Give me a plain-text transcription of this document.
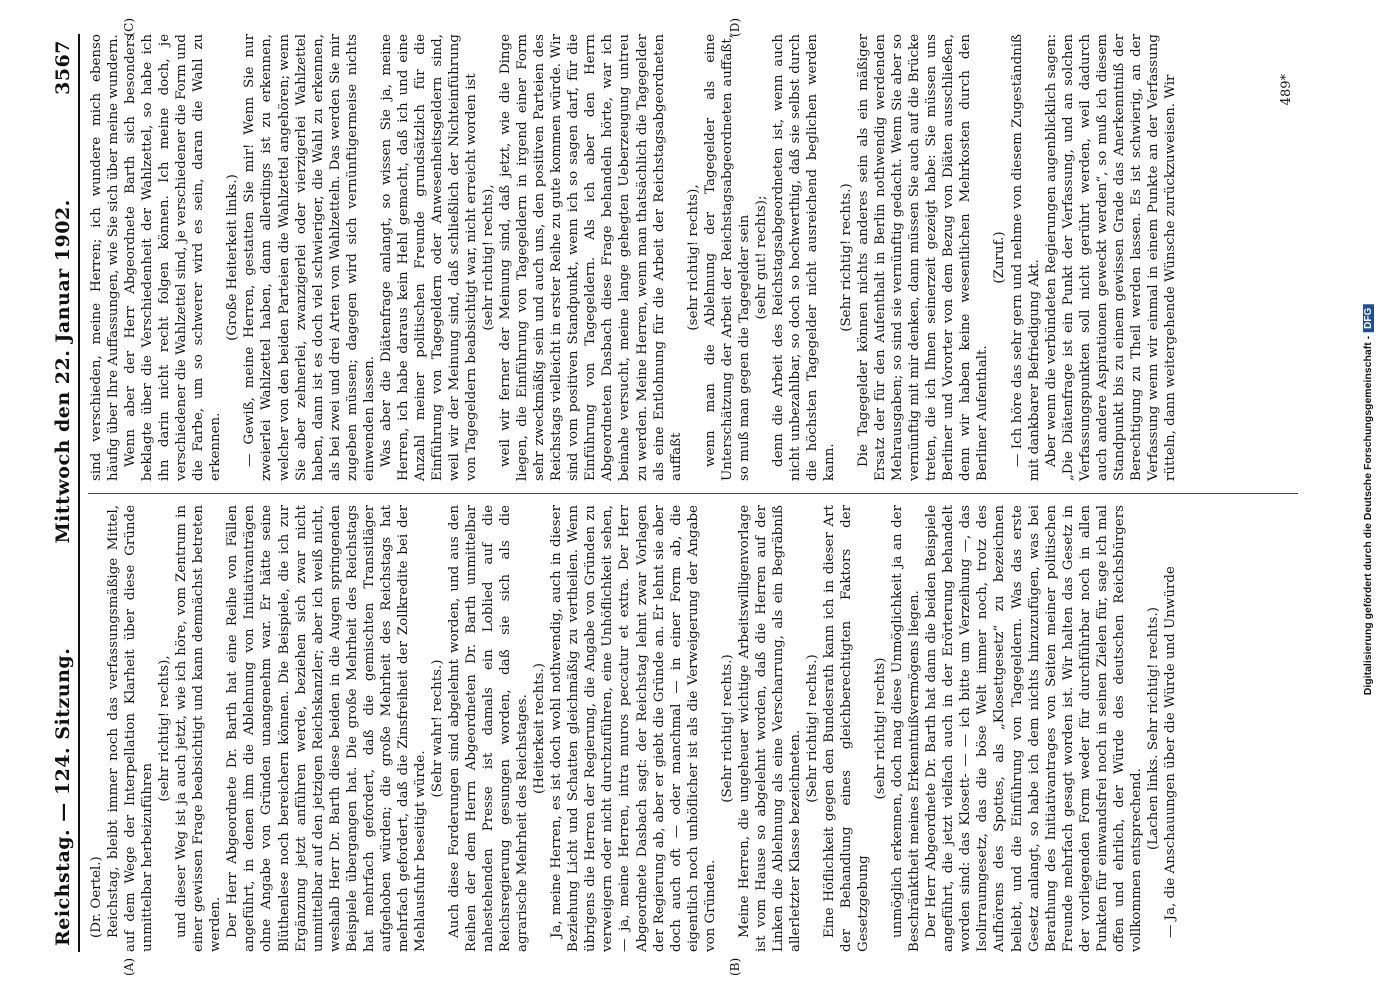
Reichstag. — 124. Sitzung.
Mittwoch den 22. Januar 1902.
3567

(Dr. Oertel.) Reichstag, bleibt immer noch das verfassungsmäßige Mittel, auf dem Wege der Interpellation Klarheit über diese Gründe unmittelbar herbeizuführen

(sehr richtig! rechts), und dieser Weg ist ja auch jetzt, wie ich höre, vom Zentrum in einer gewissen Frage beabsichtigt und kann demnächst betreten werden. Der Herr Abgeordnete Dr. Barth hat eine Reihe von Fällen angeführt, in denen ihm die Ablehnung von Initiativanträgen ohne Angabe von Gründen unangenehm war. Er hätte seine Blüthenlese noch bereichern können. Die Beispiele, die ich zur Ergänzung jetzt anführen werde, beziehen sich zwar nicht unmittelbar auf den jetzigen Reichskanzler; aber ich weiß nicht, weshalb Herr Dr. Barth diese beiden in die Augen springenden Beispiele übergangen hat. Die große Mehrheit des Reichstags hat mehrfach gefordert, daß die gemischten Transitläger aufgehoben würden; die große Mehrheit des Reichstags hat mehrfach gefordert, daß die Zinsfreiheit der Zollkredite bei der Mehlausfuhr beseitigt würde.

(Sehr wahr! rechts.) Auch diese Forderungen sind abgelehnt worden, und aus den Reihen der dem Herrn Abgeordneten Dr. Barth unmittelbar nahestehenden Presse ist damals ein Loblied auf die Reichsregierung gesungen worden, daß sie sich als die agrarische Mehrheit des Reichstages. (Heiterkeit rechts.) Ja, meine Herren, es ist doch wohl nothwendig, auch in dieser Beziehung Licht und Schatten gleichmäßig zu vertheilen. Wenn übrigens die Herren der Regierung, die Angabe von Gründen zu verweigern oder nicht durchzuführen, eine Unhöflichkeit sehen, — ja, meine Herren, intra muros peccatur et extra. Der Herr Abgeordnete Dasbach sagt: der Reichstag lehnt zwar Vorlagen der Regierung ab, aber er giebt die Gründe an. Er lehnt sie aber doch auch oft — oder manchmal — in einer Form ab, die eigentlich noch unhöflicher ist als die Verweigerung der Angabe von Gründen.

(Sehr richtig! rechts.) Meine Herren, die ungeheuer wichtige Arbeitswilligenvorlage ist vom Hause so abgelehnt worden, daß die Herren auf der Linken die Ablehnung als eine Verscharrung, als ein Begräbniß allerletzter Klasse bezeichneten.

(Sehr richtig! rechts.) Eine Höflichkeit gegen den Bundesrath kann ich in dieser Art der Behandlung eines gleichberechtigten Faktors der Gesetzgebung

(sehr richtig! rechts) unmöglich erkennen, doch mag diese Unmöglichkeit ja an der Beschränktheit meines Erkenntnißvermögens liegen. Der Herr Abgeordnete Dr. Barth hat dann die beiden Beispiele angeführt, die jetzt vielfach auch in der Erörterung behandelt worden sind: das Klosett- — — ich bitte um Verzeihung —, das Isolirraumgesetz, das die böse Welt immer noch, trotz des Aufhörens des Spottes, als „Klosettgesetz“ zu bezeichnen beliebt, und die Einführung von Tagegeldern. Was das erste Gesetz anlangt, so habe ich dem nichts hinzuzufügen, was bei Berathung des Initiativantrages von Seiten meiner politischen Freunde mehrfach gesagt worden ist. Wir halten das Gesetz in der vorliegenden Form weder für durchführbar noch in allen Punkten für einwandsfrei noch in seinen Zielen für, sage ich mal offen und ehrlich, der Würde des deutschen Reichsbürgers vollkommen entsprechend.

(Lachen links. Sehr richtig! rechts.) — Ja, die Anschauungen über die Würde und Unwürde

sind verschieden, meine Herren; ich wundere mich ebenso häufig über Ihre Auffassungen, wie Sie sich über meine wundern. Wenn aber der Herr Abgeordnete Barth sich besonders beklagte über die Verschiedenheit der Wahlzettel, so habe ich ihn darin nicht recht folgen können. Ich meine doch, je verschiedener die Wahlzettel sind, je verschiedener die Form und die Farbe, um so schwerer wird es sein, daran die Wahl zu erkennen.

(Große Heiterkeit links.) — Gewiß, meine Herren, gestatten Sie mir! Wenn Sie nur zweierlei Wahlzettel haben, dann allerdings ist zu erkennen, welcher von den beiden Parteien die Wahlzettel angehören; wenn Sie aber zehnerlei, zwanzigerlei oder vierzigerlei Wahlzettel haben, dann ist es doch viel schwieriger, die Wahl zu erkennen, als bei zwei und drei Arten von Wahlzetteln. Das werden Sie mir zugeben müssen; dagegen wird sich vernünftigermeise nichts einwenden lassen. Was aber die Diätenfrage anlangt, so wissen Sie ja, meine Herren, ich habe daraus kein Hehl gemacht, daß ich und eine Anzahl meiner politischen Freunde grundsätzlich für die Einführung von Tagegeldern oder Anwesenheitsgeldern sind, weil wir der Meinung sind, daß schließlich der Nichteinführung von Tagegeldern beabsichtigt war, nicht erreicht worden ist (sehr richtig! rechts), weil wir ferner der Meinung sind, daß jetzt, wie die Dinge liegen, die Einführung von Tagegeldern in irgend einer Form sehr zweckmäßig sein und auch uns, den positiven Parteien des Reichstags vielleicht in erster Reihe zu gute kommen würde. Wir sind vom positiven Standpunkt, wenn ich so sagen darf, für die Einführung von Tagegeldern. Als ich aber den Herrn Abgeordneten Dasbach diese Frage behandeln hörte, war ich beinahe versucht, meine lange gehegten Ueberzeugung untreu zu werden. Meine Herren, wenn man thatsächlich die Tagegelder als eine Entlohnung für die Arbeit der Reichstagsabgeordneten auffaßt

(sehr richtig! rechts), wenn man die Ablehnung der Tagegelder als eine Unterschätzung der Arbeit der Reichstagsabgeordneten auffaßt, so muß man gegen die Tagegelder sein (sehr gut! rechts); denn die Arbeit des Reichstagsabgeordneten ist, wenn auch nicht unbezahlbar, so doch so hochwerthig, daß sie selbst durch die höchsten Tagegelder nicht ausreichend beglichen werden kann.

(Sehr richtig! rechts.) Die Tagegelder können nichts anderes sein als ein mäßiger Ersatz der für den Aufenthalt in Berlin nothwendig werdenden Mehrausgaben; so sind sie vernünftig gedacht. Wenn Sie aber so vernünftig mit mir denken, dann müssen Sie auch auf die Brücke treten, die ich Ihnen seinerzeit gezeigt habe: Sie müssen uns Berliner und Vororter von dem Bezug von Diäten ausschließen, denn wir haben keine wesentlichen Mehrkosten durch den Berliner Aufenthalt.

(Zuruf.) — Ich höre das sehr gern und nehme von diesem Zugeständniß mit dankbarer Befriedigung Akt. Aber wenn die verbündeten Regierungen augenblicklich sagen: „Die Diätenfrage ist ein Punkt der Verfassung, und an solchen Verfassungspunkten soll nicht gerührt werden, weil dadurch auch andere Aspirationen geweckt werden“, so muß ich diesem Standpunkt bis zu einem gewissen Grade das Anerkenntniß der Berechtigung zu Theil werden lassen. Es ist schwierig, an der Verfassung wenn wir einmal in einem Punkte an der Verfassung rütteln, dann weitergehende Wünsche zurückzuweisen. Wir

(A)	(B)
(C)	(D)
489*
Digitalisierung gefördert durch die Deutsche Forschungsgemeinschaft -DFG
